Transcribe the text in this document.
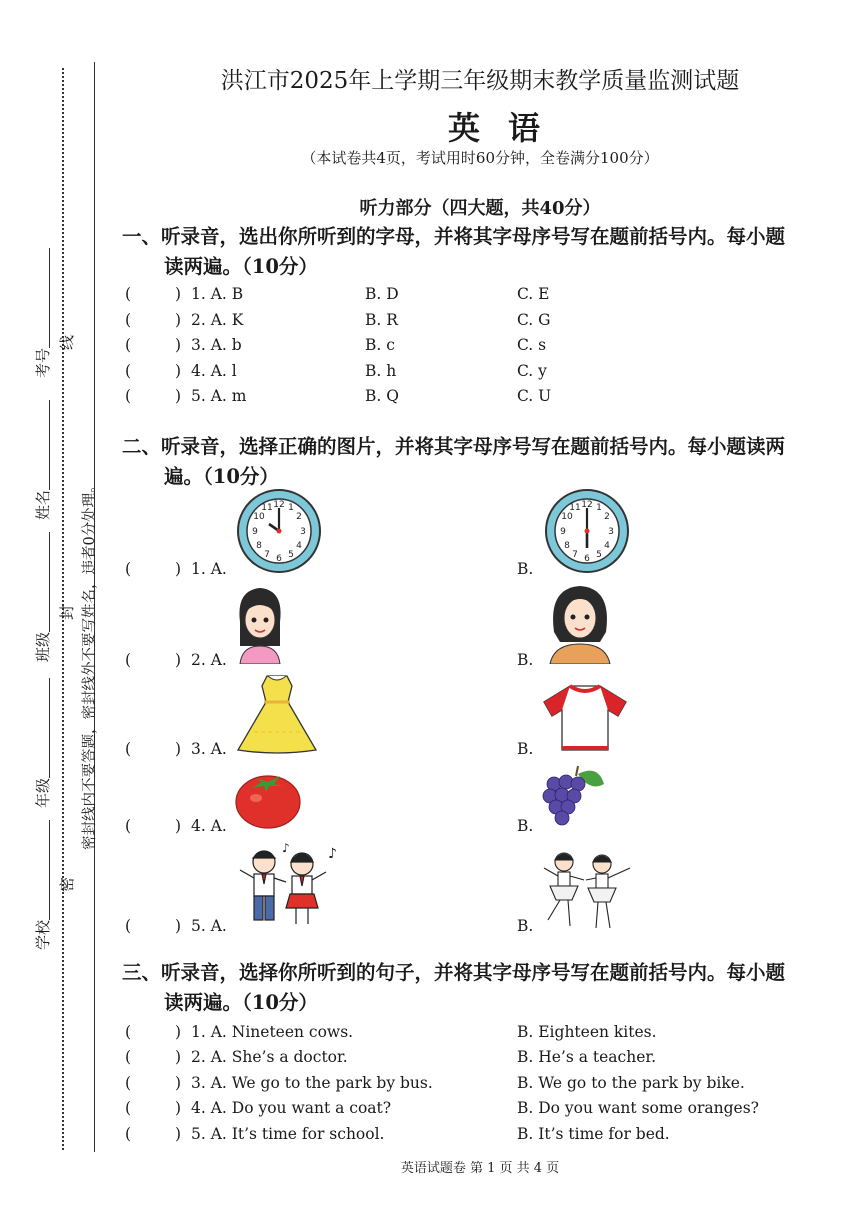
考号
线
姓名
班级
封
年级
学校
密
密封线内不要答题，密封线外不要写姓名，违者0分处理。
洪江市2025年上学期三年级期末教学质量监测试题
英语
（本试卷共4页，考试用时60分钟，全卷满分100分）
听力部分（四大题，共40分）
一、听录音，选出你所听到的字母，并将其字母序号写在题前括号内。每小题
读两遍。（10分）
(	) 1. A. B	B. D	C. E
(	) 2. A. K	B. R	C. G
(	) 3. A. b	B. c	C. s
(	) 4. A. l	B. h	C. y
(	) 5. A. m	B. Q	C. U
二、听录音，选择正确的图片，并将其字母序号写在题前括号内。每小题读两
遍。（10分）
(	) 1. A.	B.
12 1
2
3
4
5
6
7
8
9
10
11	12 1
2
3
4
5
6
7
8
9
10
11
(	) 2. A.	B.
(	) 3. A.	B.
(	) 4. A.	B.
(	) 5. A.	B.
♪	♪
三、听录音，选择你所听到的句子，并将其字母序号写在题前括号内。每小题
读两遍。（10分）
(	) 1. A. Nineteen cows.	B. Eighteen kites.
(	) 2. A. She’s a doctor.	B. He’s a teacher.
(	) 3. A. We go to the park by bus.	B. We go to the park by bike.
(	) 4. A. Do you want a coat?	B. Do you want some oranges?
(	) 5. A. It’s time for school.	B. It’s time for bed.
英语试题卷 第 1 页 共 4 页
